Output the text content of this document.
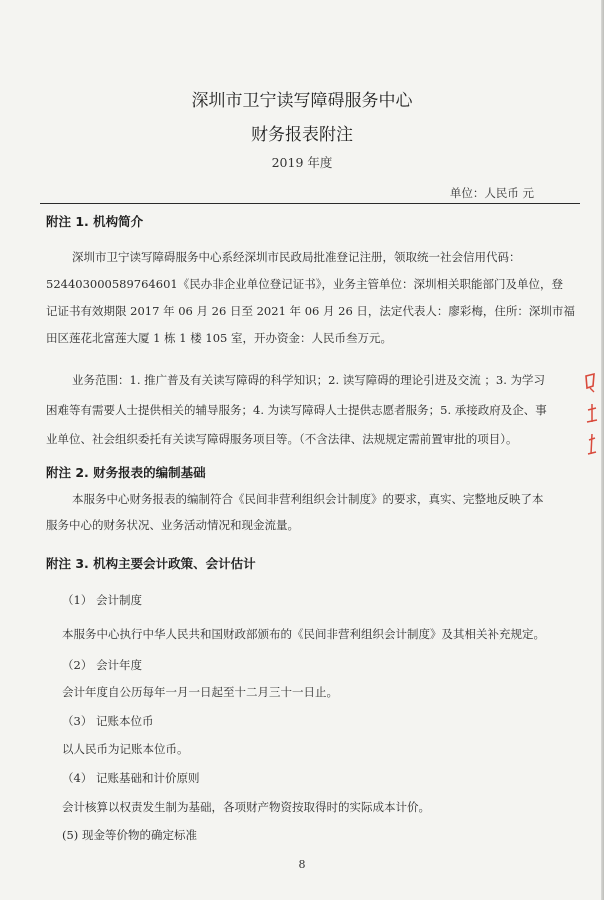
深圳市卫宁读写障碍服务中心
财务报表附注
2019 年度
单位：人民币 元
附注 1. 机构简介
深圳市卫宁读写障碍服务中心系经深圳市民政局批准登记注册，领取统一社会信用代码：
524403000589764601《民办非企业单位登记证书》，业务主管单位：深圳相关职能部门及单位，登
记证书有效期限 2017 年 06 月 26 日至 2021 年 06 月 26 日，法定代表人：廖彩梅，住所：深圳市福
田区莲花北富莲大厦 1 栋 1 楼 105 室，开办资金：人民币叁万元。
业务范围：1. 推广普及有关读写障碍的科学知识；2. 读写障碍的理论引进及交流 ；3. 为学习
困难等有需要人士提供相关的辅导服务；4. 为读写障碍人士提供志愿者服务；5. 承接政府及企、事
业单位、社会组织委托有关读写障碍服务项目等。（不含法律、法规规定需前置审批的项目）。
附注 2. 财务报表的编制基础
本服务中心财务报表的编制符合《民间非营利组织会计制度》的要求，真实、完整地反映了本
服务中心的财务状况、业务活动情况和现金流量。
附注 3. 机构主要会计政策、会计估计
（1） 会计制度
本服务中心执行中华人民共和国财政部颁布的《民间非营利组织会计制度》及其相关补充规定。
（2） 会计年度
会计年度自公历每年一月一日起至十二月三十一日止。
（3） 记账本位币
以人民币为记账本位币。
（4） 记账基础和计价原则
会计核算以权责发生制为基础，各项财产物资按取得时的实际成本计价。
(5) 现金等价物的确定标准
8
